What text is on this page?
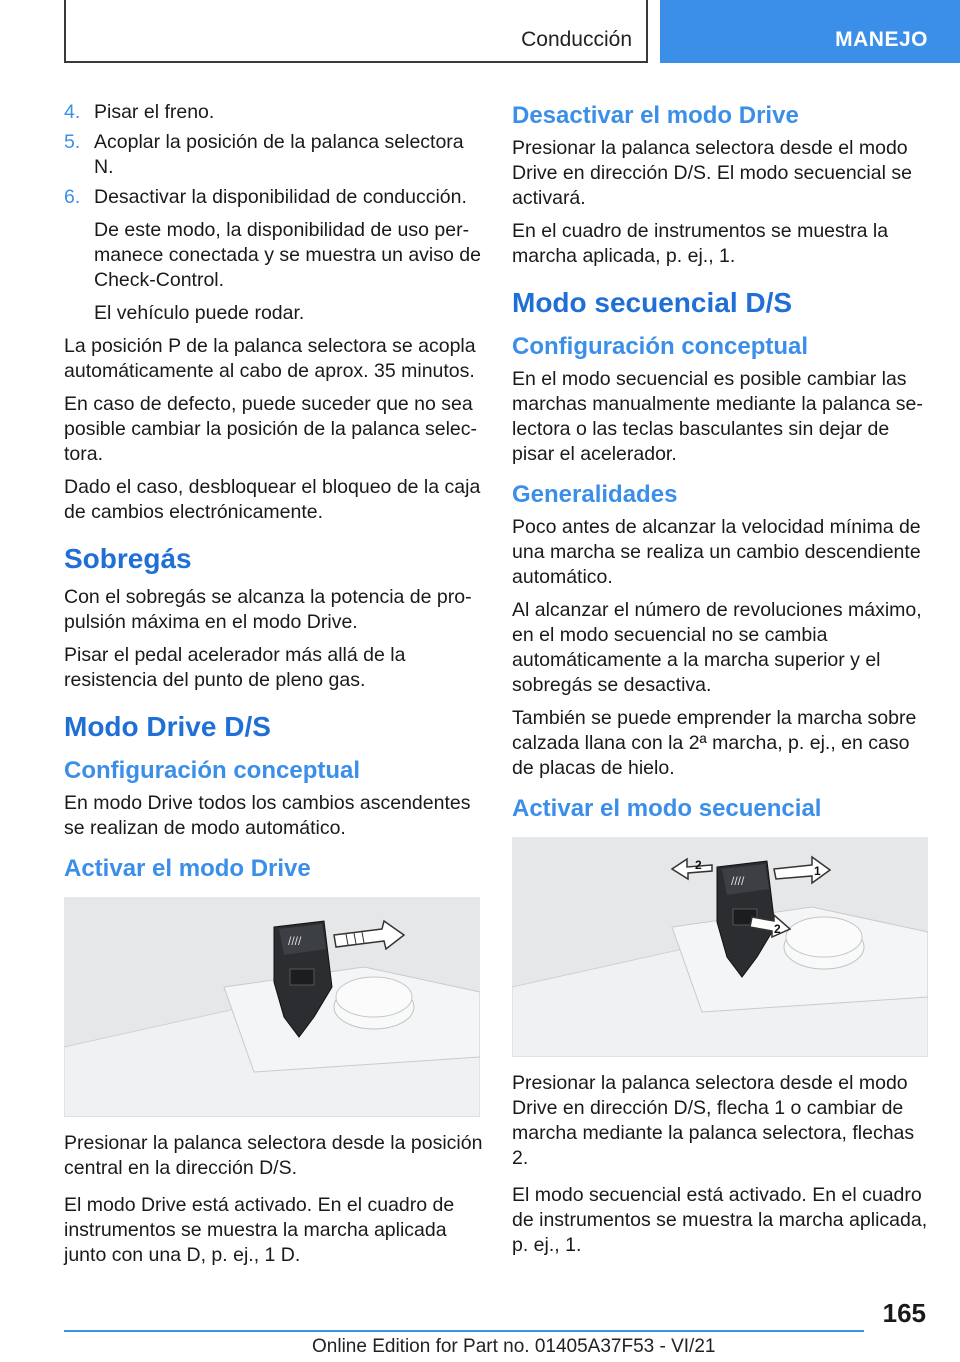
Conducción	MANEJO
4. Pisar el freno.
5. Acoplar la posición de la palanca selectora N.
6. Desactivar la disponibilidad de conducción.

De este modo, la disponibilidad de uso permanece conectada y se muestra un aviso de Check-Control.

El vehículo puede rodar.

La posición P de la palanca selectora se acopla automáticamente al cabo de aprox. 35 minutos.

En caso de defecto, puede suceder que no sea posible cambiar la posición de la palanca selectora.

Dado el caso, desbloquear el bloqueo de la caja de cambios electrónicamente.

Sobregás

Con el sobregás se alcanza la potencia de propulsión máxima en el modo Drive.

Pisar el pedal acelerador más allá de la resistencia del punto de pleno gas.

Modo Drive D/S
Configuración conceptual

En modo Drive todos los cambios ascendentes se realizan de modo automático.

Activar el modo Drive
////

Presionar la palanca selectora desde la posición central en la dirección D/S.

El modo Drive está activado. En el cuadro de instrumentos se muestra la marcha aplicada junto con una D, p. ej., 1 D.

Desactivar el modo Drive

Presionar la palanca selectora desde el modo Drive en dirección D/S. El modo secuencial se activará.

En el cuadro de instrumentos se muestra la marcha aplicada, p. ej., 1.

Modo secuencial D/S
Configuración conceptual

En el modo secuencial es posible cambiar las marchas manualmente mediante la palanca selectora o las teclas basculantes sin dejar de pisar el acelerador.

Generalidades

Poco antes de alcanzar la velocidad mínima de una marcha se realiza un cambio descendiente automático.

Al alcanzar el número de revoluciones máximo, en el modo secuencial no se cambia automáticamente a la marcha superior y el sobregás se desactiva.

También se puede emprender la marcha sobre calzada llana con la 2ª marcha, p. ej., en caso de placas de hielo.

Activar el modo secuencial
////
2	1
2

Presionar la palanca selectora desde el modo Drive en dirección D/S, flecha 1 o cambiar de marcha mediante la palanca selectora, flechas 2.

El modo secuencial está activado. En el cuadro de instrumentos se muestra la marcha aplicada, p. ej., 1.

165
Online Edition for Part no. 01405A37F53 - VI/21
